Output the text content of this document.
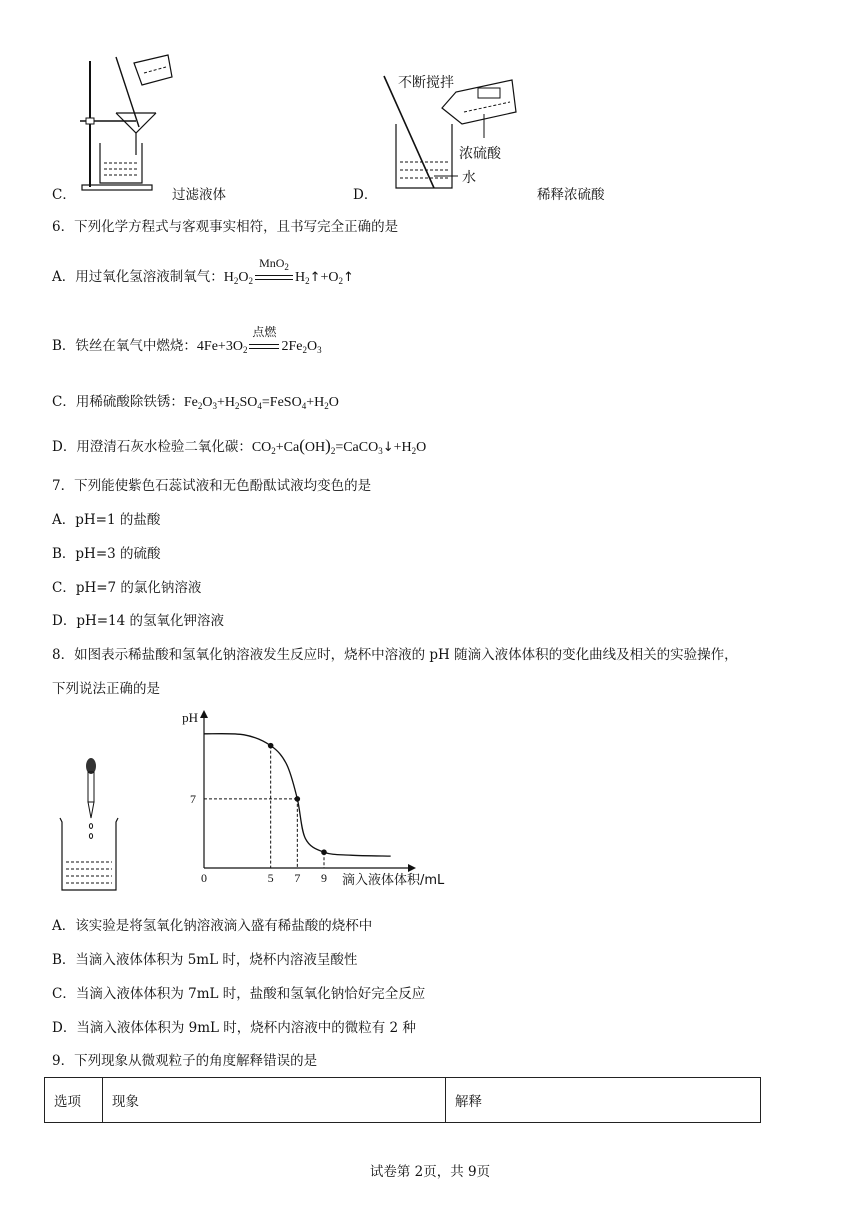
C．	过滤液体
不断搅拌
浓硫酸
水
D．	稀释浓硫酸
6．下列化学方程式与客观事实相符，且书写完全正确的是
A．用过氧化氢溶液制氧气：$H_2O_2$
MnO$_2$
$H_2↑+O_2↑$
B．铁丝在氧气中燃烧：$4Fe+3O_2$
点燃
$2Fe_2O_3$
C．用稀硫酸除铁锈：$Fe_2O_3+H_2SO_4=FeSO_4+H_2O$
D．用澄清石灰水检验二氧化碳：$CO_2+Ca(OH)_2=CaCO_3↓+H_2O$
7．下列能使紫色石蕊试液和无色酚酞试液均变色的是
A．pH=1 的盐酸
B．pH=3 的硫酸
C．pH=7 的氯化钠溶液
D．pH=14 的氢氧化钾溶液
8．如图表示稀盐酸和氢氧化钠溶液发生反应时，烧杯中溶液的 pH 随滴入液体体积的变化曲线及相关的实验操作，
下列说法正确的是
pH
7
0	5 7 9 滴入液体体积/mL
A．该实验是将氢氧化钠溶液滴入盛有稀盐酸的烧杯中
B．当滴入液体体积为 5mL 时，烧杯内溶液呈酸性
C．当滴入液体体积为 7mL 时，盐酸和氢氧化钠恰好完全反应
D．当滴入液体体积为 9mL 时，烧杯内溶液中的微粒有 2 种
9．下列现象从微观粒子的角度解释错误的是
选项	现象	解释
试卷第 2页，共 9页
